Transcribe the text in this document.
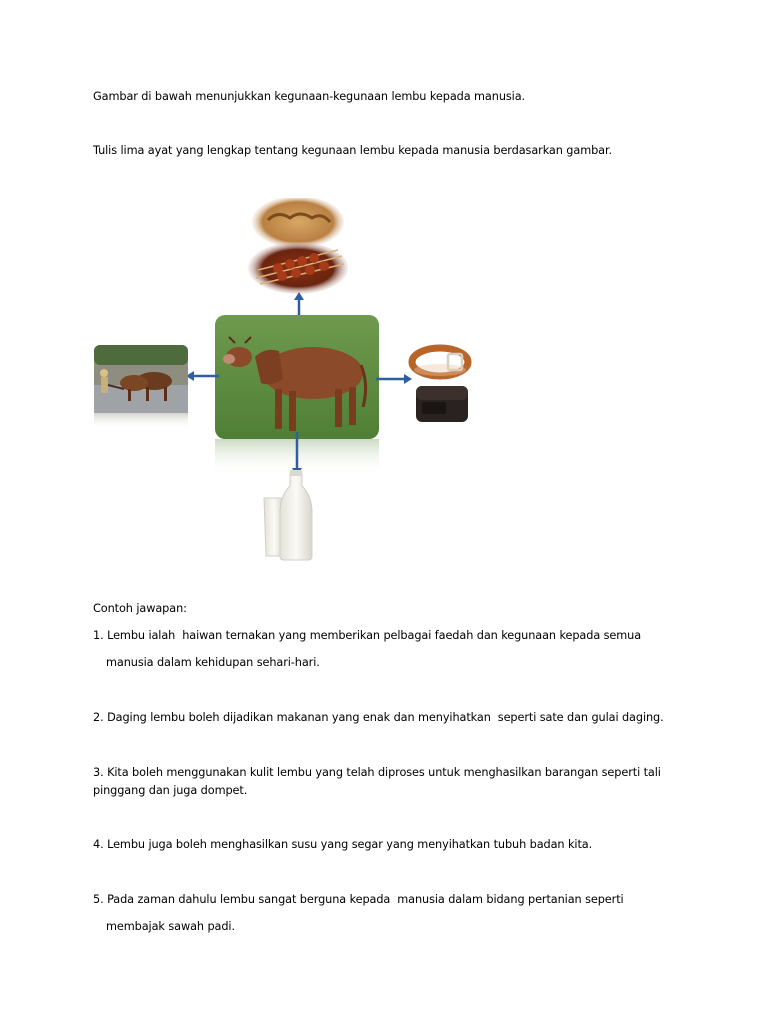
Gambar di bawah menunjukkan kegunaan-kegunaan lembu kepada manusia.
Tulis lima ayat yang lengkap tentang kegunaan lembu kepada manusia berdasarkan gambar.
Contoh jawapan:
1. Lembu ialah  haiwan ternakan yang memberikan pelbagai faedah dan kegunaan kepada semua
manusia dalam kehidupan sehari-hari.
2. Daging lembu boleh dijadikan makanan yang enak dan menyihatkan  seperti sate dan gulai daging.
3. Kita boleh menggunakan kulit lembu yang telah diproses untuk menghasilkan barangan seperti tali
pinggang dan juga dompet.
4. Lembu juga boleh menghasilkan susu yang segar yang menyihatkan tubuh badan kita.
5. Pada zaman dahulu lembu sangat berguna kepada  manusia dalam bidang pertanian seperti
membajak sawah padi.
